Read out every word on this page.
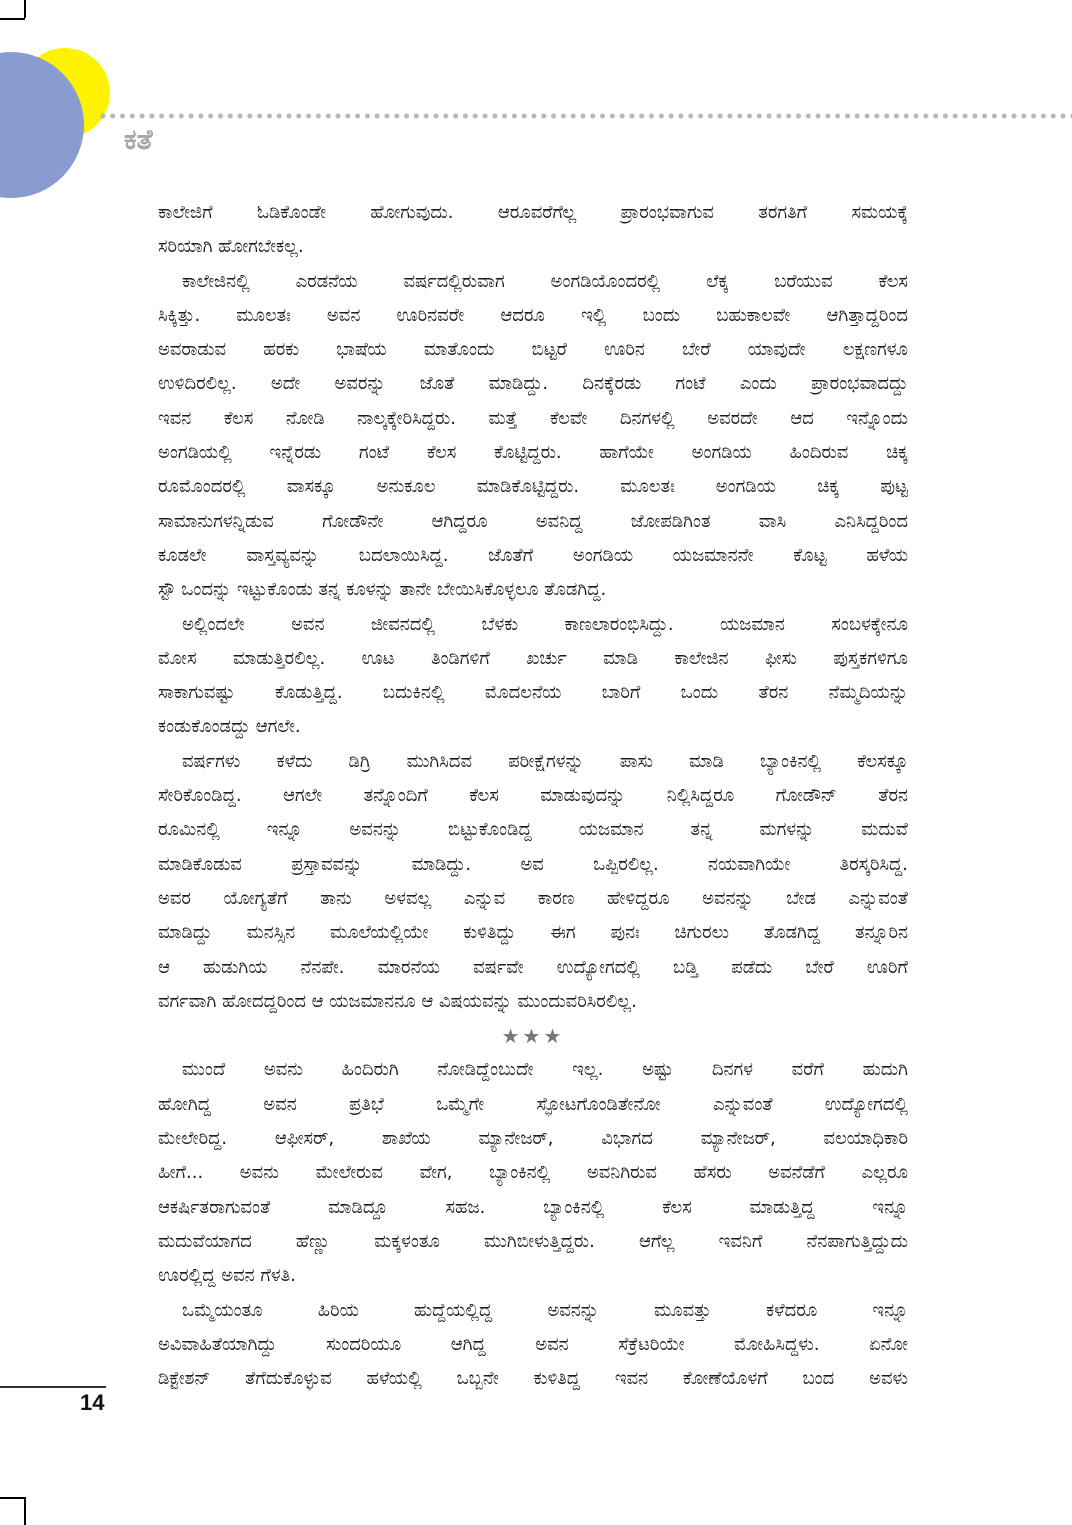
ಕತೆ

ಕಾಲೇಜಿಗೆ ಓಡಿಕೊಂಡೇ ಹೋಗುವುದು. ಆರೂವರೆಗೆಲ್ಲ ಪ್ರಾರಂಭವಾಗುವ ತರಗತಿಗೆ ಸಮಯಕ್ಕೆ

ಸರಿಯಾಗಿ ಹೋಗಬೇಕಲ್ಲ.

ಕಾಲೇಜಿನಲ್ಲಿ ಎರಡನೆಯ ವರ್ಷದಲ್ಲಿರುವಾಗ ಅಂಗಡಿಯೊಂದರಲ್ಲಿ ಲೆಕ್ಕ ಬರೆಯುವ ಕೆಲಸ

ಸಿಕ್ಕಿತ್ತು. ಮೂಲತಃ ಅವನ ಊರಿನವರೇ ಆದರೂ ಇಲ್ಲಿ ಬಂದು ಬಹುಕಾಲವೇ ಆಗಿತ್ತಾದ್ದರಿಂದ

ಅವರಾಡುವ ಹರಕು ಭಾಷೆಯ ಮಾತೊಂದು ಬಿಟ್ಟರೆ ಊರಿನ ಬೇರೆ ಯಾವುದೇ ಲಕ್ಷಣಗಳೂ

ಉಳಿದಿರಲಿಲ್ಲ. ಅದೇ ಅವರನ್ನು ಜೊತೆ ಮಾಡಿದ್ದು. ದಿನಕ್ಕೆರಡು ಗಂಟೆ ಎಂದು ಪ್ರಾರಂಭವಾದದ್ದು

ಇವನ ಕೆಲಸ ನೋಡಿ ನಾಲ್ಕಕ್ಕೇರಿಸಿದ್ದರು. ಮತ್ತೆ ಕೆಲವೇ ದಿನಗಳಲ್ಲಿ ಅವರದೇ ಆದ ಇನ್ನೊಂದು

ಅಂಗಡಿಯಲ್ಲಿ ಇನ್ನೆರಡು ಗಂಟೆ ಕೆಲಸ ಕೊಟ್ಟಿದ್ದರು. ಹಾಗೆಯೇ ಅಂಗಡಿಯ ಹಿಂದಿರುವ ಚಿಕ್ಕ

ರೂಮೊಂದರಲ್ಲಿ ವಾಸಕ್ಕೂ ಅನುಕೂಲ ಮಾಡಿಕೊಟ್ಟಿದ್ದರು. ಮೂಲತಃ ಅಂಗಡಿಯ ಚಿಕ್ಕ ಪುಟ್ಟ

ಸಾಮಾನುಗಳನ್ನಿಡುವ ಗೋಡೌನೇ ಆಗಿದ್ದರೂ ಅವನಿದ್ದ ಜೋಪಡಿಗಿಂತ ವಾಸಿ ಎನಿಸಿದ್ದರಿಂದ

ಕೂಡಲೇ ವಾಸ್ತವ್ಯವನ್ನು ಬದಲಾಯಿಸಿದ್ದ. ಜೊತೆಗೆ ಅಂಗಡಿಯ ಯಜಮಾನನೇ ಕೊಟ್ಟ ಹಳೆಯ

ಸ್ಟೌ ಒಂದನ್ನು ಇಟ್ಟುಕೊಂಡು ತನ್ನ ಕೂಳನ್ನು ತಾನೇ ಬೇಯಿಸಿಕೊಳ್ಳಲೂ ತೊಡಗಿದ್ದ.

ಅಲ್ಲಿಂದಲೇ ಅವನ ಜೀವನದಲ್ಲಿ ಬೆಳಕು ಕಾಣಲಾರಂಭಿಸಿದ್ದು. ಯಜಮಾನ ಸಂಬಳಕ್ಕೇನೂ

ಮೋಸ ಮಾಡುತ್ತಿರಲಿಲ್ಲ. ಊಟ ತಿಂಡಿಗಳಿಗೆ ಖರ್ಚು ಮಾಡಿ ಕಾಲೇಜಿನ ಫೀಸು ಪುಸ್ತಕಗಳಿಗೂ

ಸಾಕಾಗುವಷ್ಟು ಕೊಡುತ್ತಿದ್ದ. ಬದುಕಿನಲ್ಲಿ ಮೊದಲನೆಯ ಬಾರಿಗೆ ಒಂದು ತೆರನ ನೆಮ್ಮದಿಯನ್ನು

ಕಂಡುಕೊಂಡದ್ದು ಆಗಲೇ.

ವರ್ಷಗಳು ಕಳೆದು ಡಿಗ್ರಿ ಮುಗಿಸಿದವ ಪರೀಕ್ಷೆಗಳನ್ನು ಪಾಸು ಮಾಡಿ ಬ್ಯಾಂಕಿನಲ್ಲಿ ಕೆಲಸಕ್ಕೂ

ಸೇರಿಕೊಂಡಿದ್ದ. ಆಗಲೇ ತನ್ನೊಂದಿಗೆ ಕೆಲಸ ಮಾಡುವುದನ್ನು ನಿಲ್ಲಿಸಿದ್ದರೂ ಗೋಡೌನ್ ತೆರನ

ರೂಮಿನಲ್ಲಿ ಇನ್ನೂ ಅವನನ್ನು ಬಿಟ್ಟುಕೊಂಡಿದ್ದ ಯಜಮಾನ ತನ್ನ ಮಗಳನ್ನು ಮದುವೆ

ಮಾಡಿಕೊಡುವ ಪ್ರಸ್ತಾವವನ್ನು ಮಾಡಿದ್ದು. ಅವ ಒಪ್ಪಿರಲಿಲ್ಲ. ನಯವಾಗಿಯೇ ತಿರಸ್ಕರಿಸಿದ್ದ.

ಅವರ ಯೋಗ್ಯತೆಗೆ ತಾನು ಅಳವಲ್ಲ ಎನ್ನುವ ಕಾರಣ ಹೇಳಿದ್ದರೂ ಅವನನ್ನು ಬೇಡ ಎನ್ನುವಂತೆ

ಮಾಡಿದ್ದು ಮನಸ್ಸಿನ ಮೂಲೆಯಲ್ಲಿಯೇ ಕುಳಿತಿದ್ದು ಈಗ ಪುನಃ ಚಿಗುರಲು ತೊಡಗಿದ್ದ ತನ್ನೂರಿನ

ಆ ಹುಡುಗಿಯ ನೆನಪೇ. ಮಾರನೆಯ ವರ್ಷವೇ ಉದ್ಯೋಗದಲ್ಲಿ ಬಡ್ತಿ ಪಡೆದು ಬೇರೆ ಊರಿಗೆ

ವರ್ಗವಾಗಿ ಹೋದದ್ದರಿಂದ ಆ ಯಜಮಾನನೂ ಆ ವಿಷಯವನ್ನು ಮುಂದುವರಿಸಿರಲಿಲ್ಲ.

★★★

ಮುಂದೆ ಅವನು ಹಿಂದಿರುಗಿ ನೋಡಿದ್ದೆಂಬುದೇ ಇಲ್ಲ. ಅಷ್ಟು ದಿನಗಳ ವರೆಗೆ ಹುದುಗಿ

ಹೋಗಿದ್ದ ಅವನ ಪ್ರತಿಭೆ ಒಮ್ಮೆಗೇ ಸ್ಫೋಟಗೊಂಡಿತೇನೋ ಎನ್ನುವಂತೆ ಉದ್ಯೋಗದಲ್ಲಿ

ಮೇಲೇರಿದ್ದ. ಆಫೀಸರ್, ಶಾಖೆಯ ಮ್ಯಾನೇಜರ್, ವಿಭಾಗದ ಮ್ಯಾನೇಜರ್, ವಲಯಾಧಿಕಾರಿ

ಹೀಗೆ... ಅವನು ಮೇಲೇರುವ ವೇಗ, ಬ್ಯಾಂಕಿನಲ್ಲಿ ಅವನಿಗಿರುವ ಹೆಸರು ಅವನೆಡೆಗೆ ಎಲ್ಲರೂ

ಆಕರ್ಷಿತರಾಗುವಂತೆ ಮಾಡಿದ್ದೂ ಸಹಜ. ಬ್ಯಾಂಕಿನಲ್ಲಿ ಕೆಲಸ ಮಾಡುತ್ತಿದ್ದ ಇನ್ನೂ

ಮದುವೆಯಾಗದ ಹೆಣ್ಣು ಮಕ್ಕಳಂತೂ ಮುಗಿಬೀಳುತ್ತಿದ್ದರು. ಆಗೆಲ್ಲ ಇವನಿಗೆ ನೆನಪಾಗುತ್ತಿದ್ದುದು

ಊರಲ್ಲಿದ್ದ ಅವನ ಗೆಳತಿ.

ಒಮ್ಮೆಯಂತೂ ಹಿರಿಯ ಹುದ್ದೆಯಲ್ಲಿದ್ದ ಅವನನ್ನು ಮೂವತ್ತು ಕಳೆದರೂ ಇನ್ನೂ

ಅವಿವಾಹಿತೆಯಾಗಿದ್ದು ಸುಂದರಿಯೂ ಆಗಿದ್ದ ಅವನ ಸೆಕ್ರೆಟರಿಯೇ ಮೋಹಿಸಿದ್ದಳು. ಏನೋ

ಡಿಕ್ಟೇಶನ್ ತೆಗೆದುಕೊಳ್ಳುವ ಹಳೆಯಲ್ಲಿ ಒಬ್ಬನೇ ಕುಳಿತಿದ್ದ ಇವನ ಕೋಣೆಯೊಳಗೆ ಬಂದ ಅವಳು

14
